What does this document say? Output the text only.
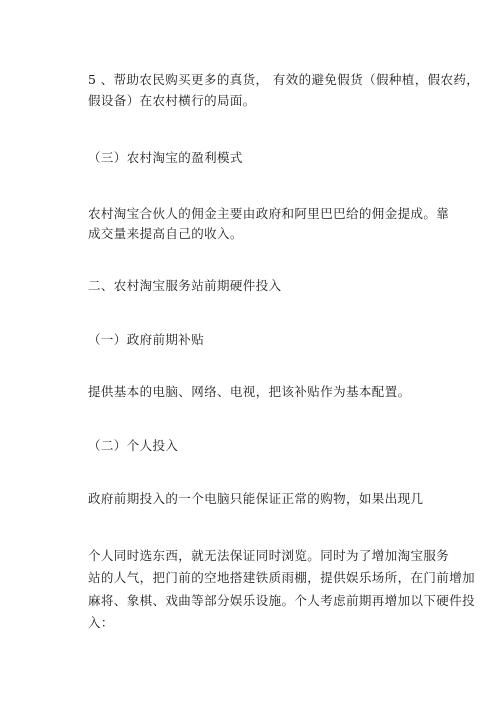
5 、帮助农民购买更多的真货， 有效的避免假货（假种植，假农药，
假设备）在农村横行的局面。
（三）农村淘宝的盈利模式
农村淘宝合伙人的佣金主要由政府和阿里巴巴给的佣金提成。靠
成交量来提高自己的收入。
二、农村淘宝服务站前期硬件投入
（一）政府前期补贴
提供基本的电脑、网络、电视，把该补贴作为基本配置。
（二）个人投入
政府前期投入的一个电脑只能保证正常的购物，如果出现几
个人同时选东西，就无法保证同时浏览。同时为了增加淘宝服务
站的人气，把门前的空地搭建铁质雨棚，提供娱乐场所，在门前增加
麻将、象棋、戏曲等部分娱乐设施。个人考虑前期再增加以下硬件投
入：
